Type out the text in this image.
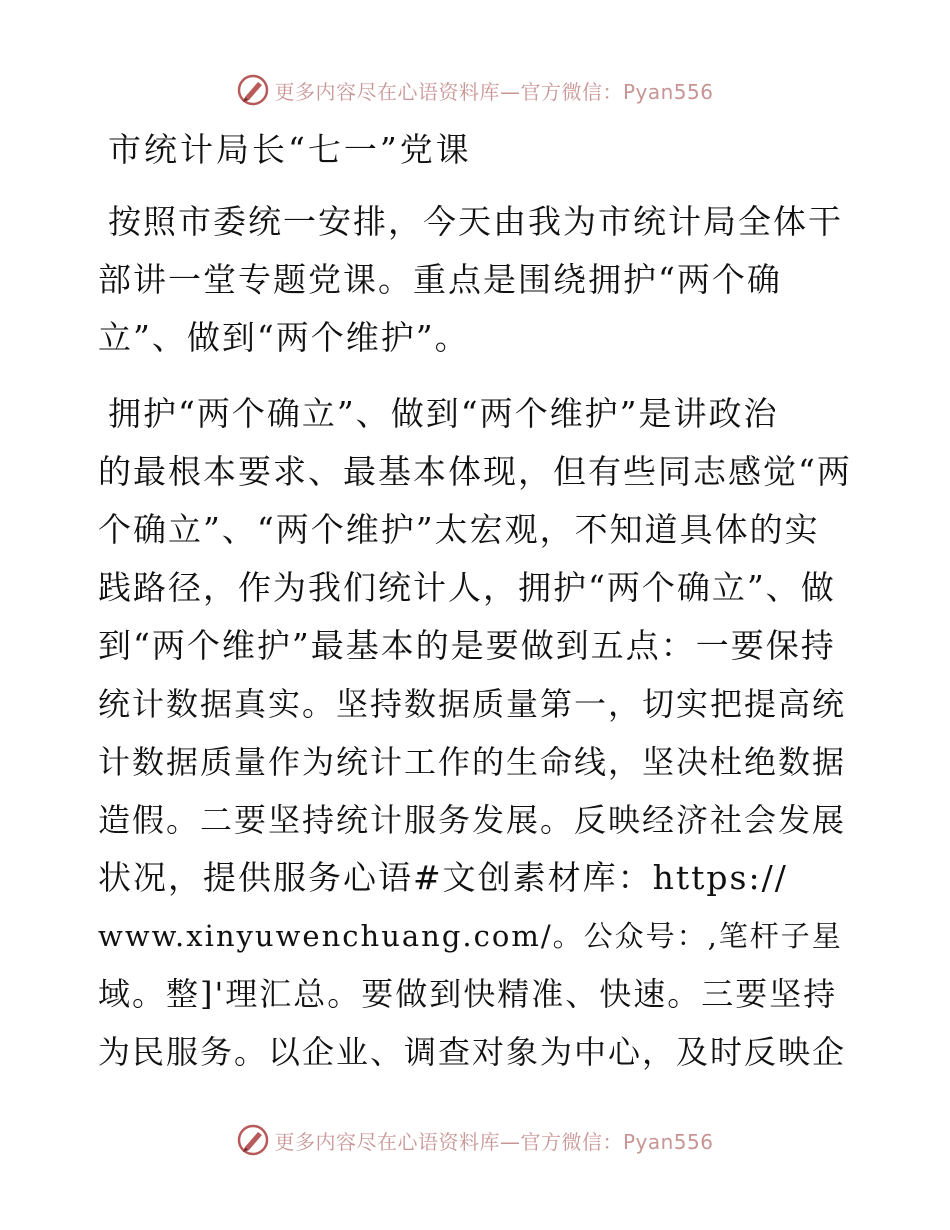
更多内容尽在心语资料库—官方微信：Pyan556
市统计局长“七一”党课
按照市委统一安排，今天由我为市统计局全体干
部讲一堂专题党课。重点是围绕拥护“两个确
立”、做到“两个维护”。
拥护“两个确立”、做到“两个维护”是讲政治
的最根本要求、最基本体现，但有些同志感觉“两
个确立”、“两个维护”太宏观，不知道具体的实
践路径，作为我们统计人，拥护“两个确立”、做
到“两个维护”最基本的是要做到五点：一要保持
统计数据真实。坚持数据质量第一，切实把提高统
计数据质量作为统计工作的生命线，坚决杜绝数据
造假。二要坚持统计服务发展。反映经济社会发展
状况，提供服务心语#文创素材库：https://
www.xinyuwenchuang.com/。公众号：,笔杆子星
域。整]'理汇总。要做到快精准、快速。三要坚持
为民服务。以企业、调查对象为中心，及时反映企
更多内容尽在心语资料库—官方微信：Pyan556
